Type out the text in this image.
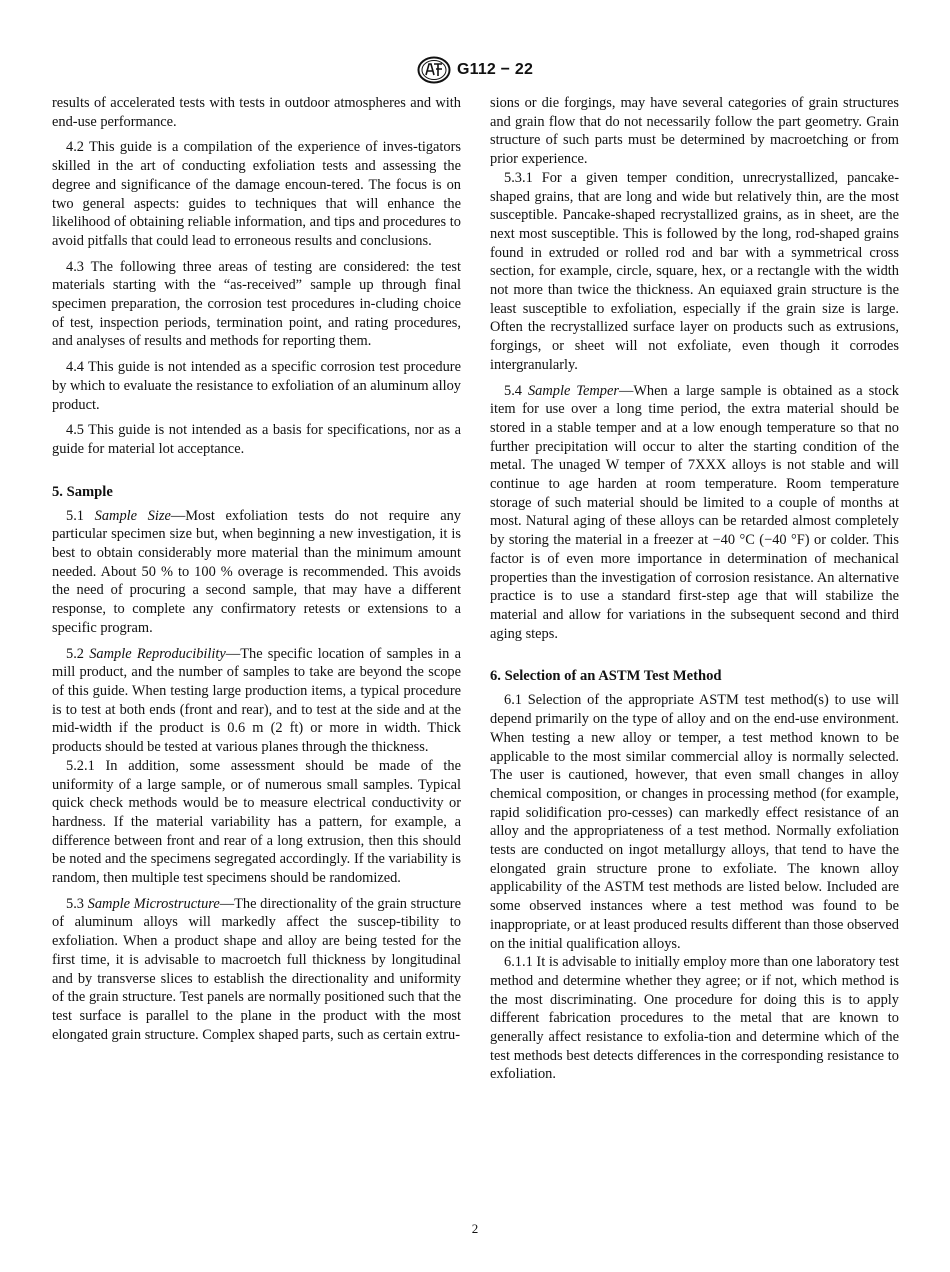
G112 − 22

results of accelerated tests with tests in outdoor atmospheres and with end-use performance.

4.2 This guide is a compilation of the experience of inves-tigators skilled in the art of conducting exfoliation tests and assessing the degree and significance of the damage encoun-tered. The focus is on two general aspects: guides to techniques that will enhance the likelihood of obtaining reliable information, and tips and procedures to avoid pitfalls that could lead to erroneous results and conclusions.

4.3 The following three areas of testing are considered: the test materials starting with the “as-received” sample up through final specimen preparation, the corrosion test procedures in-cluding choice of test, inspection periods, termination point, and rating procedures, and analyses of results and methods for reporting them.

4.4 This guide is not intended as a specific corrosion test procedure by which to evaluate the resistance to exfoliation of an aluminum alloy product.

4.5 This guide is not intended as a basis for specifications, nor as a guide for material lot acceptance.

5. Sample

5.1 Sample Size—Most exfoliation tests do not require any particular specimen size but, when beginning a new investigation, it is best to obtain considerably more material than the minimum amount needed. About 50 % to 100 % overage is recommended. This avoids the need of procuring a second sample, that may have a different response, to complete any confirmatory retests or extensions to a specific program.

5.2 Sample Reproducibility—The specific location of samples in a mill product, and the number of samples to take are beyond the scope of this guide. When testing large production items, a typical procedure is to test at both ends (front and rear), and to test at the side and at the mid-width if the product is 0.6 m (2 ft) or more in width. Thick products should be tested at various planes through the thickness.

5.2.1 In addition, some assessment should be made of the uniformity of a large sample, or of numerous small samples. Typical quick check methods would be to measure electrical conductivity or hardness. If the material variability has a pattern, for example, a difference between front and rear of a long extrusion, then this should be noted and the specimens segregated accordingly. If the variability is random, then multiple test specimens should be randomized.

5.3 Sample Microstructure—The directionality of the grain structure of aluminum alloys will markedly affect the suscep-tibility to exfoliation. When a product shape and alloy are being tested for the first time, it is advisable to macroetch full thickness by longitudinal and by transverse slices to establish the directionality and uniformity of the grain structure. Test panels are normally positioned such that the test surface is parallel to the plane in the product with the most elongated grain structure. Complex shaped parts, such as certain extru-

sions or die forgings, may have several categories of grain structures and grain flow that do not necessarily follow the part geometry. Grain structure of such parts must be determined by macroetching or from prior experience.

5.3.1 For a given temper condition, unrecrystallized, pancake-shaped grains, that are long and wide but relatively thin, are the most susceptible. Pancake-shaped recrystallized grains, as in sheet, are the next most susceptible. This is followed by the long, rod-shaped grains found in extruded or rolled rod and bar with a symmetrical cross section, for example, circle, square, hex, or a rectangle with the width not more than twice the thickness. An equiaxed grain structure is the least susceptible to exfoliation, especially if the grain size is large. Often the recrystallized surface layer on products such as extrusions, forgings, or sheet will not exfoliate, even though it corrodes intergranularly.

5.4 Sample Temper—When a large sample is obtained as a stock item for use over a long time period, the extra material should be stored in a stable temper and at a low enough temperature so that no further precipitation will occur to alter the starting condition of the metal. The unaged W temper of 7XXX alloys is not stable and will continue to age harden at room temperature. Room temperature storage of such material should be limited to a couple of months at most. Natural aging of these alloys can be retarded almost completely by storing the material in a freezer at −40 °C (−40 °F) or colder. This factor is of even more importance in determination of mechanical properties than the investigation of corrosion resistance. An alternative practice is to use a standard first-step age that will stabilize the material and allow for variations in the subsequent second and third aging steps.

6. Selection of an ASTM Test Method

6.1 Selection of the appropriate ASTM test method(s) to use will depend primarily on the type of alloy and on the end-use environment. When testing a new alloy or temper, a test method known to be applicable to the most similar commercial alloy is normally selected. The user is cautioned, however, that even small changes in alloy chemical composition, or changes in processing method (for example, rapid solidification pro-cesses) can markedly effect resistance of an alloy and the appropriateness of a test method. Normally exfoliation tests are conducted on ingot metallurgy alloys, that tend to have the elongated grain structure prone to exfoliate. The known alloy applicability of the ASTM test methods are listed below. Included are some observed instances where a test method was found to be inappropriate, or at least produced results different than those observed on the initial qualification alloys.

6.1.1 It is advisable to initially employ more than one laboratory test method and determine whether they agree; or if not, which method is the most discriminating. One procedure for doing this is to apply different fabrication procedures to the metal that are known to generally affect resistance to exfolia-tion and determine which of the test methods best detects differences in the corresponding resistance to exfoliation.

2
